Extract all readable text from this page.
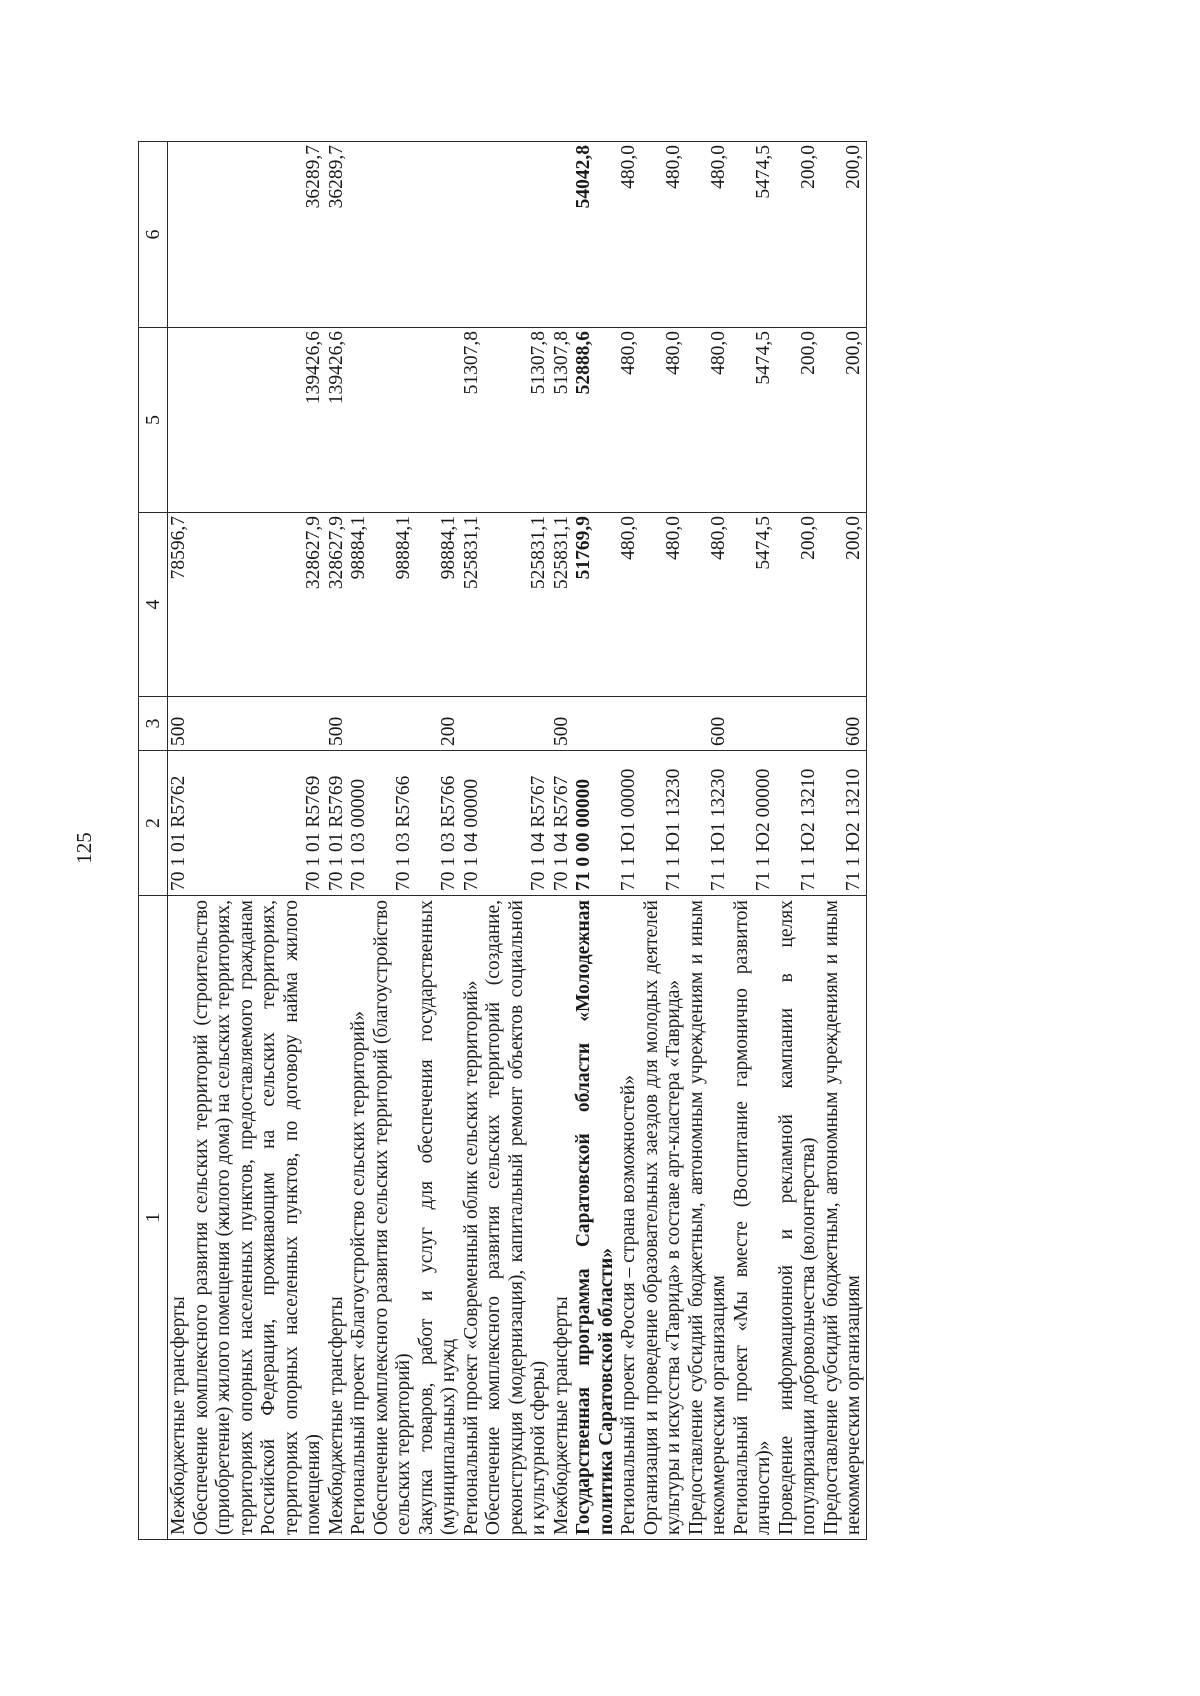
125
1	2	3	4	5	6
Межбюджетные трансферты	70 1 01 R5762	500	78596,7		
Обеспечение комплексного развития сельских территорий (строительство (приобретение) жилого помещения (жилого дома) на сельских территориях, территориях опорных населенных пунктов, предоставляемого гражданам Российской Федерации, проживающим на сельских территориях, территориях опорных населенных пунктов, по договору найма жилого помещения)	70 1 01 R5769		328627,9	139426,6	36289,7
Межбюджетные трансферты	70 1 01 R5769	500	328627,9	139426,6	36289,7
Региональный проект «Благоустройство сельских территорий»	70 1 03 00000		98884,1		
Обеспечение комплексного развития сельских территорий (благоустройство сельских территорий)	70 1 03 R5766		98884,1		
Закупка товаров, работ и услуг для обеспечения государственных (муниципальных) нужд	70 1 03 R5766	200	98884,1		
Региональный проект «Современный облик сельских территорий»	70 1 04 00000		525831,1	51307,8	
Обеспечение комплексного развития сельских территорий (создание, реконструкция (модернизация), капитальный ремонт объектов социальной и культурной сферы)	70 1 04 R5767		525831,1	51307,8	
Межбюджетные трансферты	70 1 04 R5767	500	525831,1	51307,8	
Государственная программа Саратовской области «Молодежная политика Саратовской области»	71 0 00 00000		51769,9	52888,6	54042,8
Региональный проект «Россия – страна возможностей»	71 1 Ю1 00000		480,0	480,0	480,0
Организация и проведение образовательных заездов для молодых деятелей культуры и искусства «Таврида» в составе арт-кластера «Таврида»	71 1 Ю1 13230		480,0	480,0	480,0
Предоставление субсидий бюджетным, автономным учреждениям и иным некоммерческим организациям	71 1 Ю1 13230	600	480,0	480,0	480,0
Региональный проект «Мы вместе (Воспитание гармонично развитой личности)»	71 1 Ю2 00000		5474,5	5474,5	5474,5
Проведение информационной и рекламной кампании в целях популяризации добровольчества (волонтерства)	71 1 Ю2 13210		200,0	200,0	200,0
Предоставление субсидий бюджетным, автономным учреждениям и иным некоммерческим организациям	71 1 Ю2 13210	600	200,0	200,0	200,0
